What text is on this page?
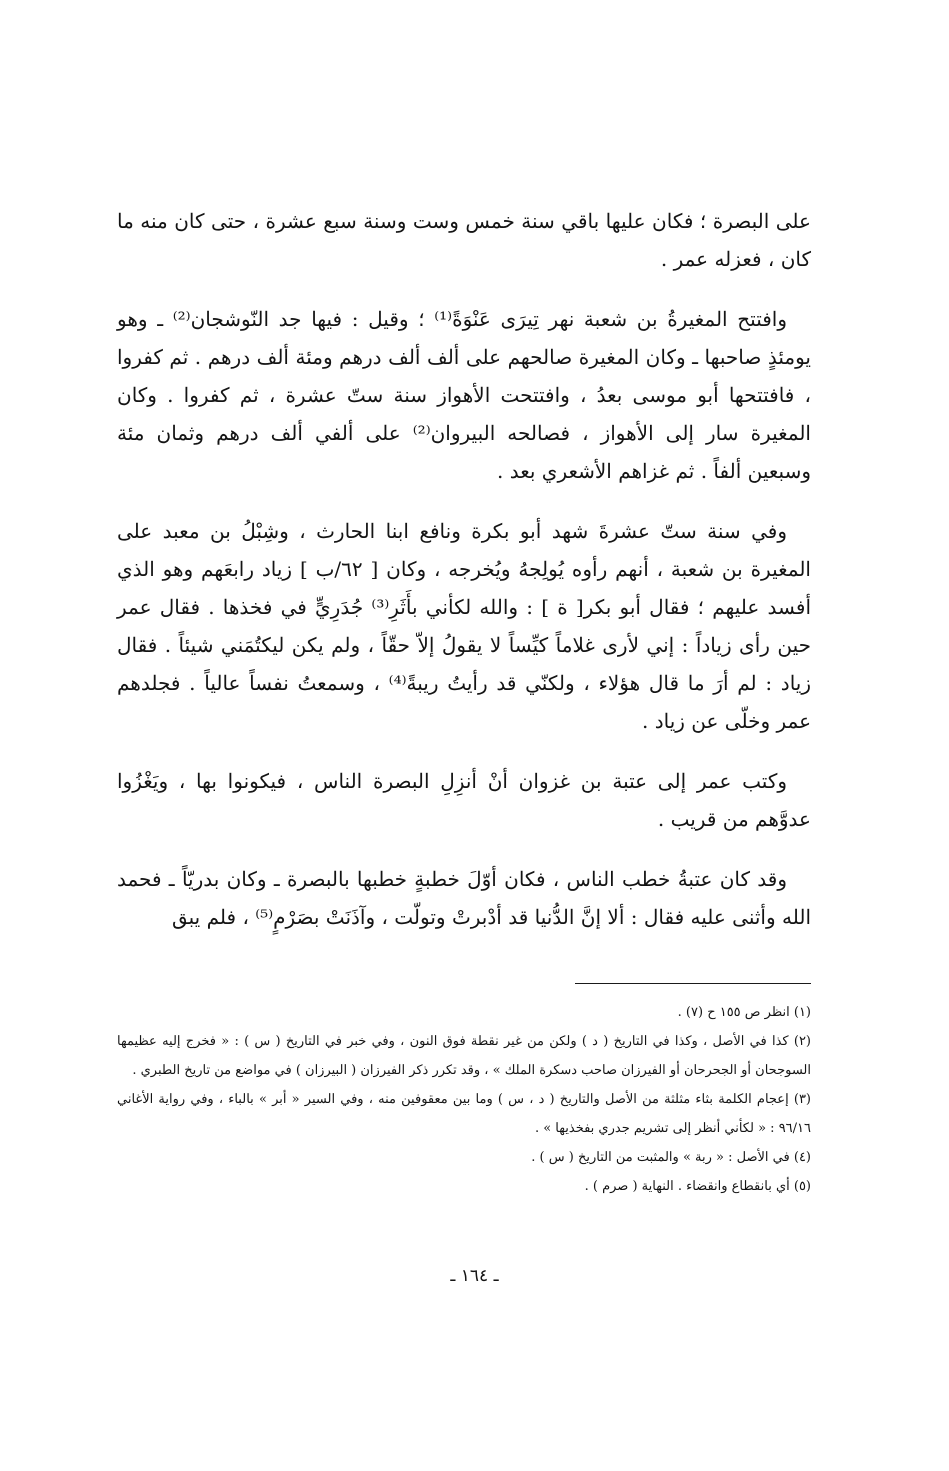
على البصرة ؛ فكان عليها باقي سنة خمس وست وسنة سبع عشرة ، حتى كان منه ما كان ، فعزله عمر .

وافتتح المغيرةُ بن شعبة نهر تِيرَى عَنْوَةً⁽¹⁾ ؛ وقيل : فيها جد النّوشجان⁽²⁾ ـ وهو يومئذٍ صاحبها ـ وكان المغيرة صالحهم على ألف ألف درهم ومئة ألف درهم . ثم كفروا ، فافتتحها أبو موسى بعدُ ، وافتتحت الأهواز سنة ستّ عشرة ، ثم كفروا . وكان المغيرة سار إلى الأهواز ، فصالحه البيروان⁽²⁾ على ألفي ألف درهم وثمان مئة وسبعين ألفاً . ثم غزاهم الأشعري بعد .

وفي سنة ستّ عشرةَ شهد أبو بكرة ونافع ابنا الحارث ، وشِبْلُ بن معبد على المغيرة بن شعبة ، أنهم رأوه يُولِجهُ ويُخرجه ، وكان [ ٦٢/ب ] زياد رابعَهم وهو الذي أفسد عليهم ؛ فقال أبو بكر[ ة ] : والله لكأني بأَثَرِ⁽³⁾ جُدَرِيٍّ في فخذها . فقال عمر حين رأى زياداً : إني لأرى غلاماً كيِّساً لا يقولُ إلاّ حقّاً ، ولم يكن ليكتُمَني شيئاً . فقال زياد : لم أرَ ما قال هؤلاء ، ولكنّي قد رأيتُ ريبةً⁽⁴⁾ ، وسمعتُ نفساً عالياً . فجلدهم عمر وخلّى عن زياد .

وكتب عمر إلى عتبة بن غزوان أنْ أنزِلِ البصرة الناس ، فيكونوا بها ، ويَغْزُوا عدوَّهم من قريب .

وقد كان عتبةُ خطب الناس ، فكان أوّلَ خطبةٍ خطبها بالبصرة ـ وكان بدريّاً ـ فحمد الله وأثنى عليه فقال : ألا إنَّ الدُّنيا قد أدْبرتْ وتولّت ، وآذَنَتْ بصَرْمٍ⁽⁵⁾ ، فلم يبق

(١) انظر ص ١٥٥ ح (٧) .

(٢) كذا في الأصل ، وكذا في التاريخ ( د ) ولكن من غير نقطة فوق النون ، وفي خبر في التاريخ ( س ) : « فخرج إليه عظيمها السوجحان أو الجحرحان أو الفيرزان صاحب دسكرة الملك » ، وقد تكرر ذكر الفيرزان ( البيرزان ) في مواضع من تاريخ الطبري .

(٣) إعجام الكلمة بثاء مثلثة من الأصل والتاريخ ( د ، س ) وما بين معقوفين منه ، وفي السير « أبر » بالباء ، وفي رواية الأغاني ٩٦/١٦ : « لكأني أنظر إلى تشريم جدري بفخذيها » .

(٤) في الأصل : « ربة » والمثبت من التاريخ ( س ) .

(٥) أي بانقطاع وانقضاء . النهاية ( صرم ) .

ـ ١٦٤ ـ
